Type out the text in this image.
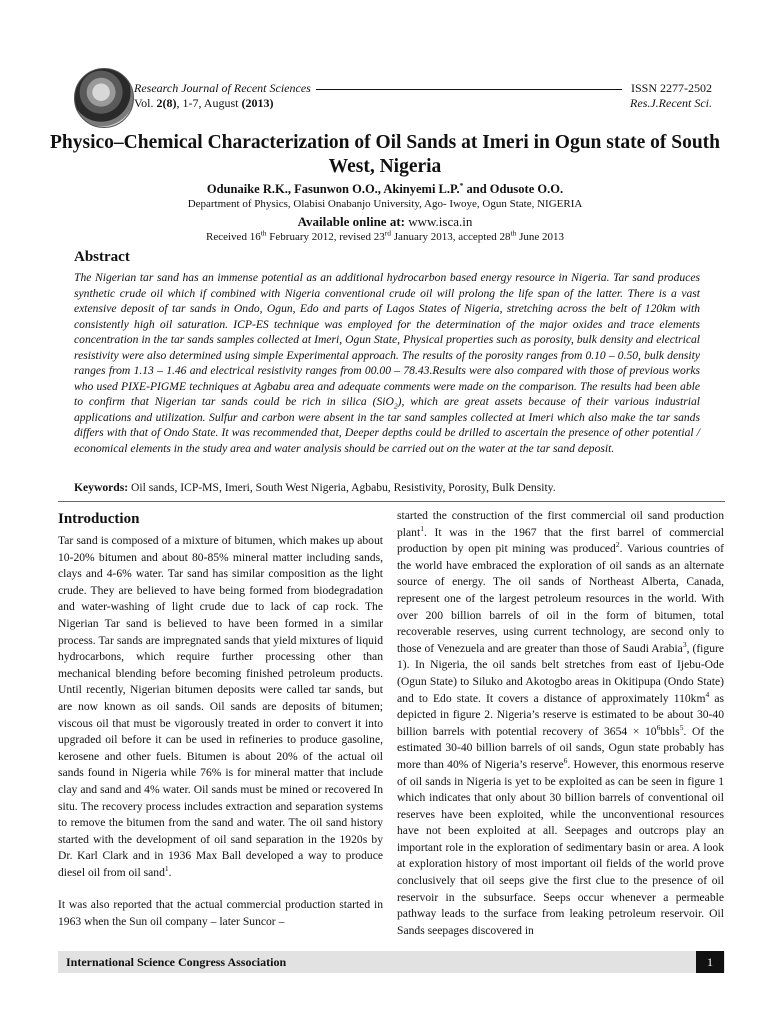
Research Journal of Recent Sciences
Vol. 2(8), 1-7, August (2013)
ISSN 2277-2502
Res.J.Recent Sci.
Physico–Chemical Characterization of Oil Sands at Imeri in Ogun state of South West, Nigeria
Odunaike R.K., Fasunwon O.O., Akinyemi L.P.* and Odusote O.O.
Department of Physics, Olabisi Onabanjo University, Ago- Iwoye, Ogun State, NIGERIA
Available online at: www.isca.in
Received 16th February 2012, revised 23rd January 2013, accepted 28th June 2013
Abstract
The Nigerian tar sand has an immense potential as an additional hydrocarbon based energy resource in Nigeria. Tar sand produces synthetic crude oil which if combined with Nigeria conventional crude oil will prolong the life span of the latter. There is a vast extensive deposit of tar sands in Ondo, Ogun, Edo and parts of Lagos States of Nigeria, stretching across the belt of 120km with consistently high oil saturation. ICP-ES technique was employed for the determination of the major oxides and trace elements concentration in the tar sands samples collected at Imeri, Ogun State, Physical properties such as porosity, bulk density and electrical resistivity were also determined using simple Experimental approach. The results of the porosity ranges from 0.10 – 0.50, bulk density ranges from 1.13 – 1.46 and electrical resistivity ranges from 00.00 – 78.43.Results were also compared with those of previous works who used PIXE-PIGME techniques at Agbabu area and adequate comments were made on the comparison. The results had been able to confirm that Nigerian tar sands could be rich in silica (SiO$_2$), which are great assets because of their various industrial applications and utilization. Sulfur and carbon were absent in the tar sand samples collected at Imeri which also make the tar sands differs with that of Ondo State. It was recommended that, Deeper depths could be drilled to ascertain the presence of other potential / economical elements in the study area and water analysis should be carried out on the water at the tar sand deposit.
Keywords: Oil sands, ICP-MS, Imeri, South West Nigeria, Agbabu, Resistivity, Porosity, Bulk Density.
Introduction

Tar sand is composed of a mixture of bitumen, which makes up about 10-20% bitumen and about 80-85% mineral matter including sands, clays and 4-6% water. Tar sand has similar composition as the light crude. They are believed to have being formed from biodegradation and water-washing of light crude due to lack of cap rock. The Nigerian Tar sand is believed to have been formed in a similar process. Tar sands are impregnated sands that yield mixtures of liquid hydrocarbons, which require further processing other than mechanical blending before becoming finished petroleum products. Until recently, Nigerian bitumen deposits were called tar sands, but are now known as oil sands. Oil sands are deposits of bitumen; viscous oil that must be vigorously treated in order to convert it into upgraded oil before it can be used in refineries to produce gasoline, kerosene and other fuels. Bitumen is about 20% of the actual oil sands found in Nigeria while 76% is for mineral matter that include clay and sand and 4% water. Oil sands must be mined or recovered In situ. The recovery process includes extraction and separation systems to remove the bitumen from the sand and water. The oil sand history started with the development of oil sand separation in the 1920s by Dr. Karl Clark and in 1936 Max Ball developed a way to produce diesel oil from oil sand$^1$.

It was also reported that the actual commercial production started in 1963 when the Sun oil company – later Suncor –

started the construction of the first commercial oil sand production plant$^1$. It was in the 1967 that the first barrel of commercial production by open pit mining was produced$^2$. Various countries of the world have embraced the exploration of oil sands as an alternate source of energy. The oil sands of Northeast Alberta, Canada, represent one of the largest petroleum resources in the world. With over 200 billion barrels of oil in the form of bitumen, total recoverable reserves, using current technology, are second only to those of Venezuela and are greater than those of Saudi Arabia$^3$, (figure 1). In Nigeria, the oil sands belt stretches from east of Ijebu-Ode (Ogun State) to Siluko and Akotogbo areas in Okitipupa (Ondo State) and to Edo state. It covers a distance of approximately $110km^4$ as depicted in figure 2. Nigeria’s reserve is estimated to be about 30-40 billion barrels with potential recovery of $3654 \times 10^6bbls^5$. Of the estimated 30-40 billion barrels of oil sands, Ogun state probably has more than 40% of Nigeria’s reserve$^6$. However, this enormous reserve of oil sands in Nigeria is yet to be exploited as can be seen in figure 1 which indicates that only about 30 billion barrels of conventional oil reserves have been exploited, while the unconventional resources have not been exploited at all. Seepages and outcrops play an important role in the exploration of sedimentary basin or area. A look at exploration history of most important oil fields of the world prove conclusively that oil seeps give the first clue to the presence of oil reservoir in the subsurface. Seeps occur whenever a permeable pathway leads to the surface from leaking petroleum reservoir. Oil Sands seepages discovered in

International Science Congress Association	1
